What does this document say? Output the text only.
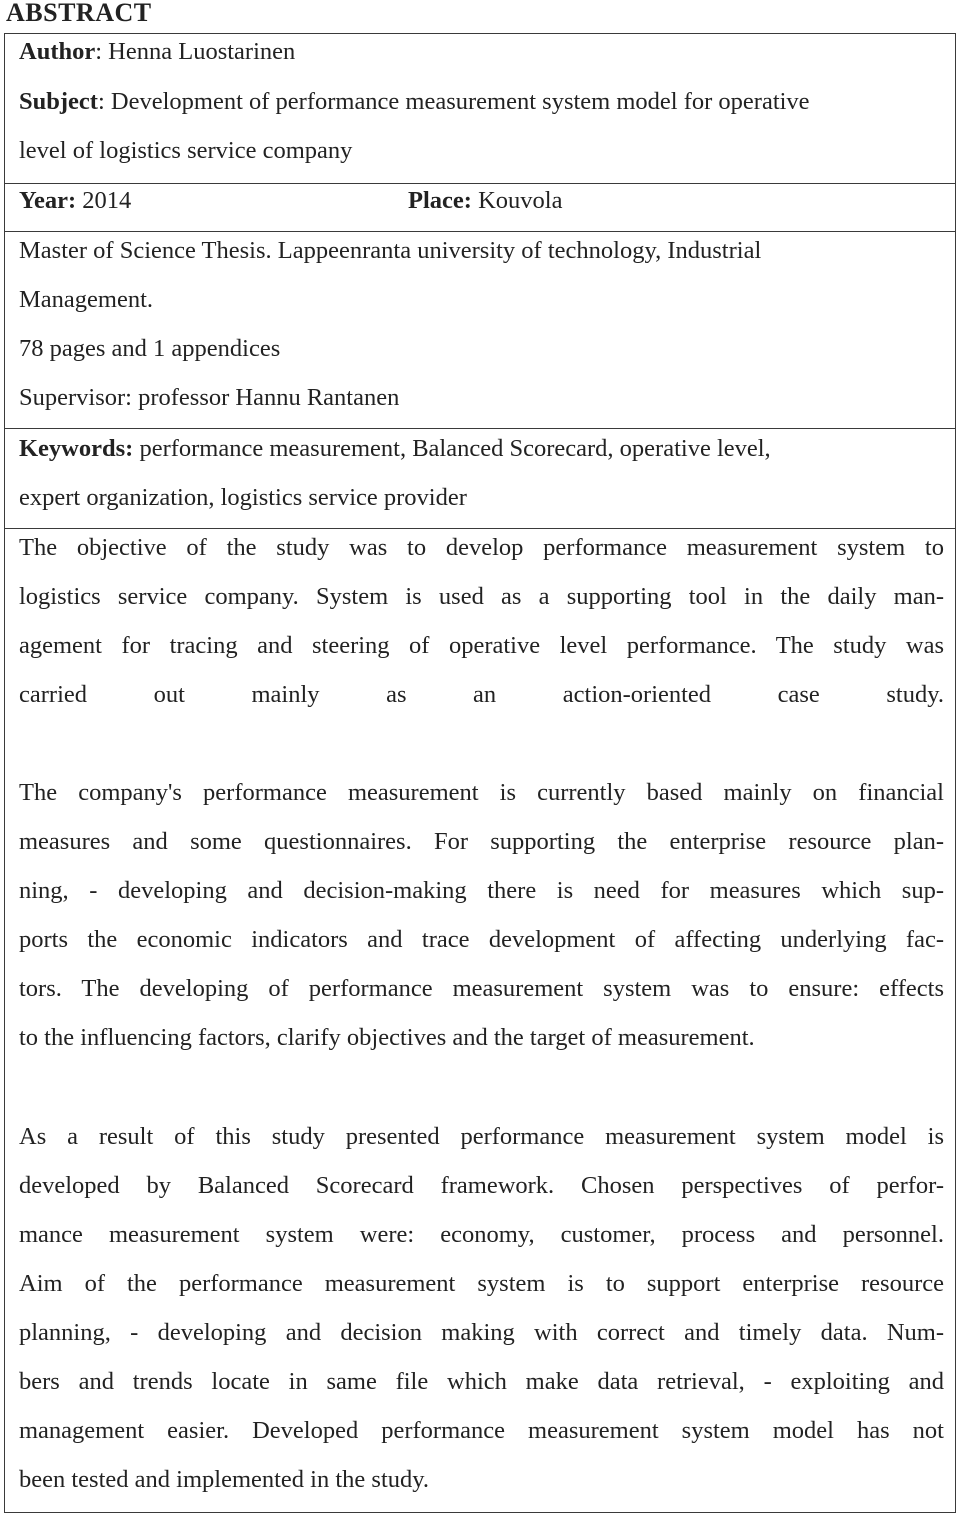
ABSTRACT
Author: Henna Luostarinen
Subject: Development of performance measurement system model for operative
level of logistics service company
Year: 2014	Place: Kouvola
Master of Science Thesis. Lappeenranta university of technology, Industrial
Management.
78 pages and 1 appendices
Supervisor: professor Hannu Rantanen
Keywords: performance measurement, Balanced Scorecard, operative level,
expert organization, logistics service provider
The objective of the study was to develop performance measurement system to
logistics service company. System is used as a supporting tool in the daily man-
agement for tracing and steering of operative level performance. The study was
carried out mainly as an action-oriented case study.
The company's performance measurement is currently based mainly on financial
measures and some questionnaires. For supporting the enterprise resource plan-
ning, - developing and decision-making there is need for measures which sup-
ports the economic indicators and trace development of affecting underlying fac-
tors. The developing of performance measurement system was to ensure: effects
to the influencing factors, clarify objectives and the target of measurement.
As a result of this study presented performance measurement system model is
developed by Balanced Scorecard framework. Chosen perspectives of perfor-
mance measurement system were: economy, customer, process and personnel.
Aim of the performance measurement system is to support enterprise resource
planning, - developing and decision making with correct and timely data. Num-
bers and trends locate in same file which make data retrieval, - exploiting and
management easier. Developed performance measurement system model has not
been tested and implemented in the study.
